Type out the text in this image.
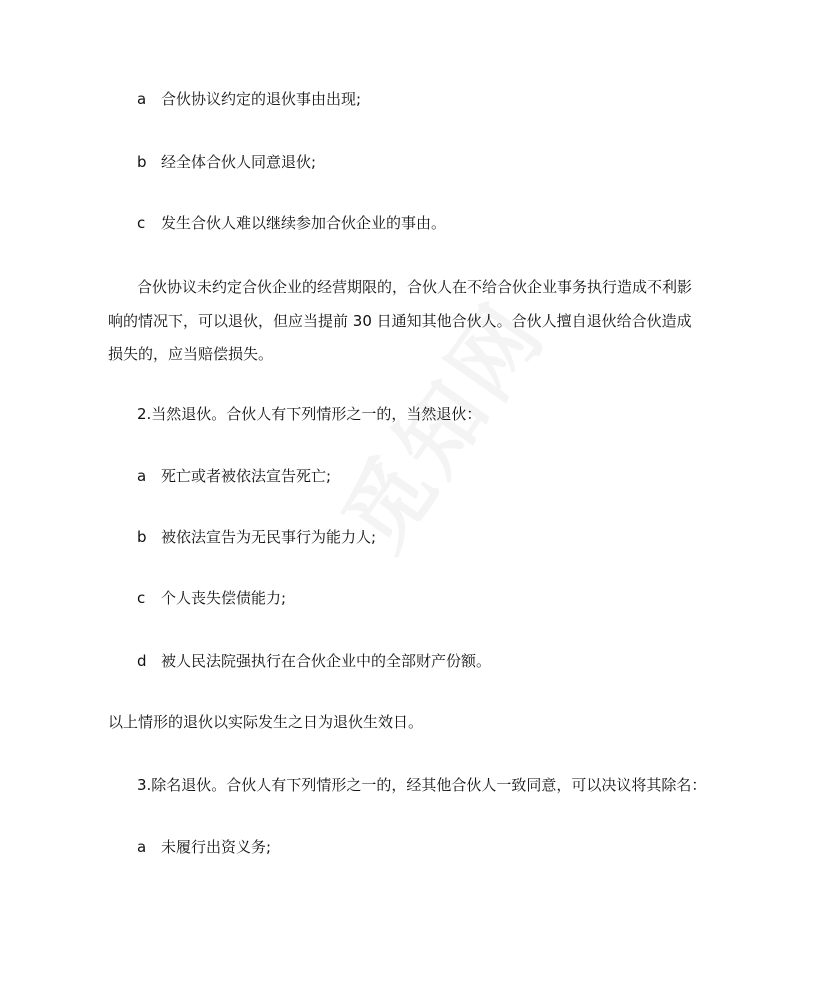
a 合伙协议约定的退伙事由出现;
b 经全体合伙人同意退伙;
c 发生合伙人难以继续参加合伙企业的事由。
合伙协议未约定合伙企业的经营期限的，合伙人在不给合伙企业事务执行造成不利影
响的情况下，可以退伙，但应当提前 30 日通知其他合伙人。合伙人擅自退伙给合伙造成
损失的，应当赔偿损失。
2.当然退伙。合伙人有下列情形之一的，当然退伙：
a 死亡或者被依法宣告死亡;
b 被依法宣告为无民事行为能力人;
c 个人丧失偿债能力;
d 被人民法院强执行在合伙企业中的全部财产份额。
以上情形的退伙以实际发生之日为退伙生效日。
3.除名退伙。合伙人有下列情形之一的，经其他合伙人一致同意，可以决议将其除名：
a 未履行出资义务;
